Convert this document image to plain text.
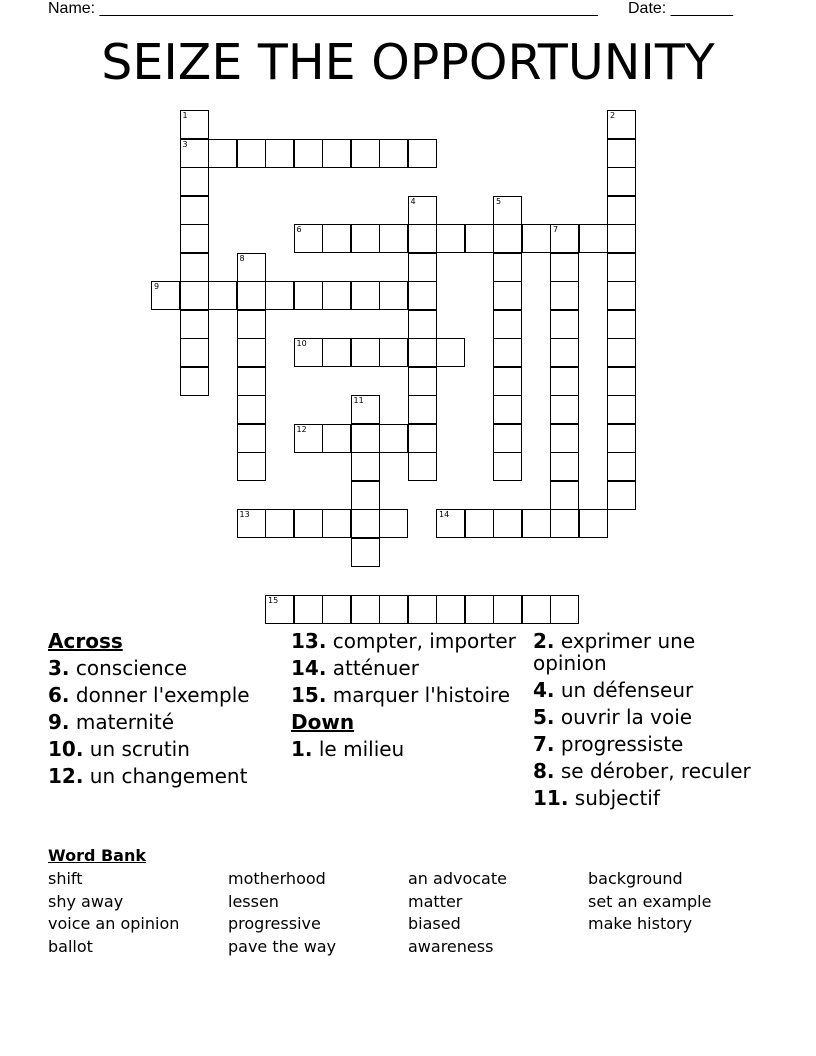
Name: ________________________________________________________ Date: _______
SEIZE THE OPPORTUNITY
1
3
2
4	5
6	7
8
9
10
11
12
13	14
15
Across
3. conscience
6. donner l'exemple
9. maternité
10. un scrutin
12. un changement
13. compter, importer
14. atténuer
15. marquer l'histoire
Down
1. le milieu
2. exprimer une opinion
4. un défenseur
5. ouvrir la voie
7. progressiste
8. se dérober, reculer
11. subjectif
Word Bank
shift
shy away
voice an opinion
ballot
motherhood
lessen
progressive
pave the way
an advocate
matter
biased
awareness
background
set an example
make history
